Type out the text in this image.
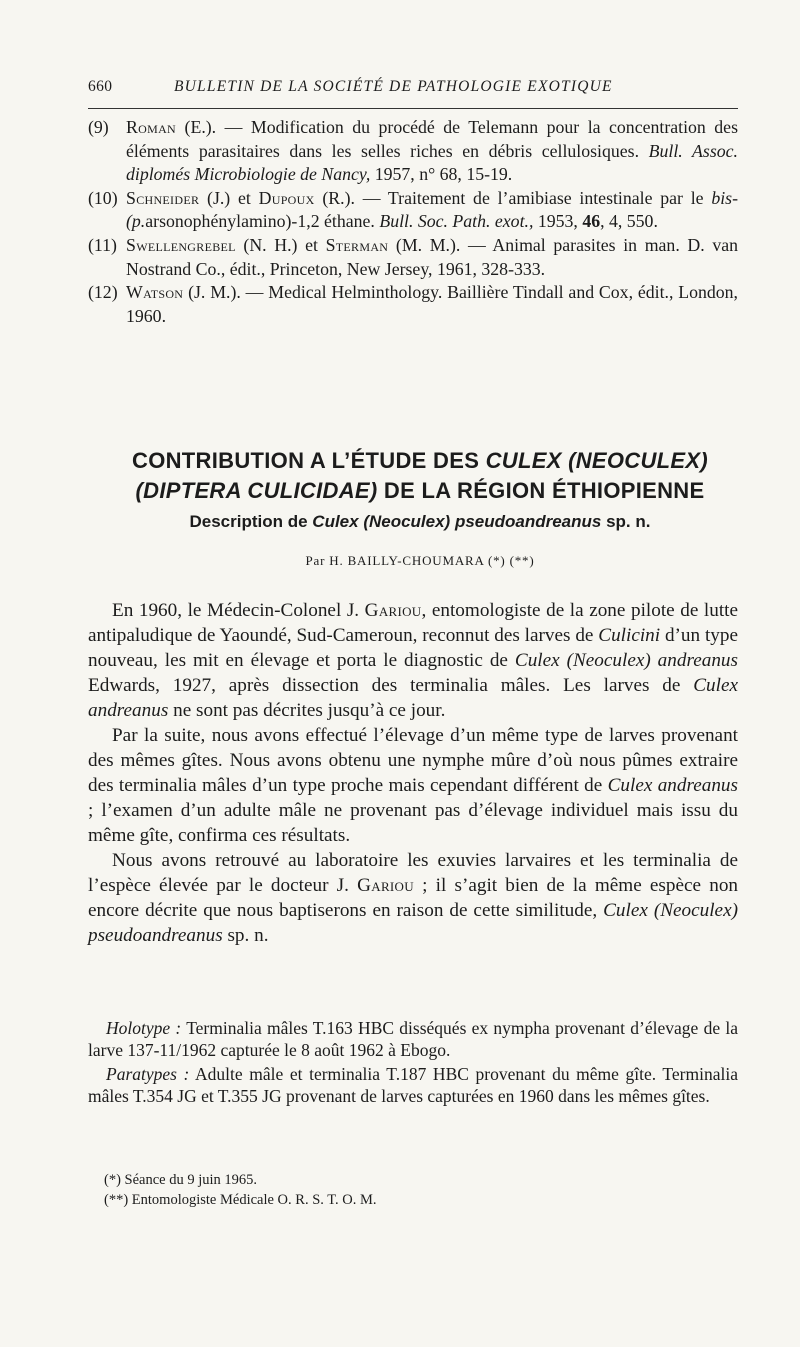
660	BULLETIN DE LA SOCIÉTÉ DE PATHOLOGIE EXOTIQUE
(9) Roman (E.). — Modification du procédé de Telemann pour la concentration des éléments parasitaires dans les selles riches en débris cellulosiques. Bull. Assoc. diplomés Microbiologie de Nancy, 1957, n° 68, 15-19.
(10) Schneider (J.) et Dupoux (R.). — Traitement de l’amibiase intestinale par le bis-(p.arsonophénylamino)-1,2 éthane. Bull. Soc. Path. exot., 1953, 46, 4, 550.
(11) Swellengrebel (N. H.) et Sterman (M. M.). — Animal parasites in man. D. van Nostrand Co., édit., Princeton, New Jersey, 1961, 328-333.
(12) Watson (J. M.). — Medical Helminthology. Baillière Tindall and Cox, édit., London, 1960.
CONTRIBUTION A L’ÉTUDE DES CULEX (NEOCULEX)
(DIPTERA CULICIDAE) DE LA RÉGION ÉTHIOPIENNE
Description de Culex (Neoculex) pseudoandreanus sp. n.
Par H. BAILLY-CHOUMARA (*) (**)

En 1960, le Médecin-Colonel J. Gariou, entomologiste de la zone pilote de lutte antipaludique de Yaoundé, Sud-Cameroun, reconnut des larves de Culicini d’un type nouveau, les mit en élevage et porta le diagnostic de Culex (Neoculex) andreanus Edwards, 1927, après dissection des terminalia mâles. Les larves de Culex andreanus ne sont pas décrites jusqu’à ce jour.

Par la suite, nous avons effectué l’élevage d’un même type de larves provenant des mêmes gîtes. Nous avons obtenu une nymphe mûre d’où nous pûmes extraire des terminalia mâles d’un type proche mais cependant différent de Culex andreanus ; l’examen d’un adulte mâle ne provenant pas d’élevage individuel mais issu du même gîte, confirma ces résultats.

Nous avons retrouvé au laboratoire les exuvies larvaires et les terminalia de l’espèce élevée par le docteur J. Gariou ; il s’agit bien de la même espèce non encore décrite que nous baptiserons en raison de cette similitude, Culex (Neoculex) pseudoandreanus sp. n.

Holotype : Terminalia mâles T.163 HBC disséqués ex nympha provenant d’élevage de la larve 137-11/1962 capturée le 8 août 1962 à Ebogo.

Paratypes : Adulte mâle et terminalia T.187 HBC provenant du même gîte. Terminalia mâles T.354 JG et T.355 JG provenant de larves capturées en 1960 dans les mêmes gîtes.

(*) Séance du 9 juin 1965.
(**) Entomologiste Médicale O. R. S. T. O. M.
